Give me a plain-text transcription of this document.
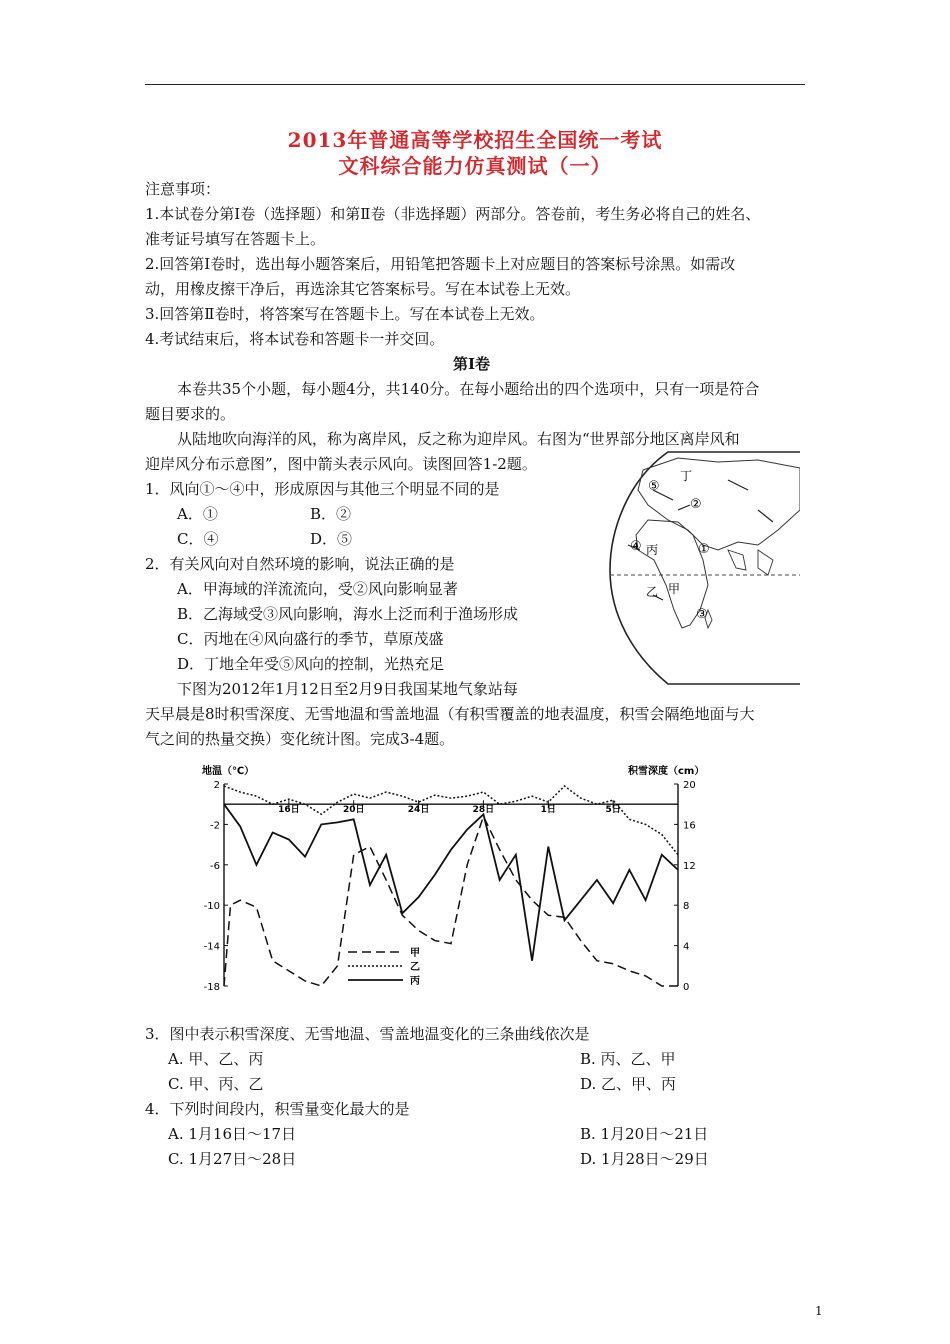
2013年普通高等学校招生全国统一考试
文科综合能力仿真测试（一）
注意事项：
1.本试卷分第Ⅰ卷（选择题）和第Ⅱ卷（非选择题）两部分。答卷前，考生务必将自己的姓名、
准考证号填写在答题卡上。
2.回答第Ⅰ卷时，选出每小题答案后，用铅笔把答题卡上对应题目的答案标号涂黑。如需改
动，用橡皮擦干净后，再选涂其它答案标号。写在本试卷上无效。
3.回答第Ⅱ卷时，将答案写在答题卡上。写在本试卷上无效。
4.考试结束后，将本试卷和答题卡一并交回。
第Ⅰ卷
本卷共35个小题，每小题4分，共140分。在每小题给出的四个选项中，只有一项是符合
题目要求的。
从陆地吹向海洋的风，称为离岸风，反之称为迎岸风。右图为“世界部分地区离岸风和
迎岸风分布示意图”，图中箭头表示风向。读图回答1-2题。
1．风向①～④中，形成原因与其他三个明显不同的是
A．①	B．②
C．④	D．⑤
2．有关风向对自然环境的影响，说法正确的是
A．甲海域的洋流流向，受②风向影响显著
B．乙海域受③风向影响，海水上泛而利于渔场形成
C．丙地在④风向盛行的季节，草原茂盛
D．丁地全年受⑤风向的控制，光热充足
下图为2012年1月12日至2月9日我国某地气象站每
天早晨是8时积雪深度、无雪地温和雪盖地温（有积雪覆盖的地表温度，积雪会隔绝地面与大
气之间的热量交换）变化统计图。完成3-4题。
⑤
①
②
③
④
甲
乙
丙
丁
地温（℃）	积雪深度（cm）
2
-2
-6
-10
-14
-18
20
16
12
8
4
0
16日	20日	24日	28日	1日	5日
甲
乙
丙
3．图中表示积雪深度、无雪地温、雪盖地温变化的三条曲线依次是
A. 甲、乙、丙	B. 丙、乙、甲
C. 甲、丙、乙	D. 乙、甲、丙
4．下列时间段内，积雪量变化最大的是
A. 1月16日～17日	B. 1月20日～21日
C. 1月27日～28日	D. 1月28日～29日
1
